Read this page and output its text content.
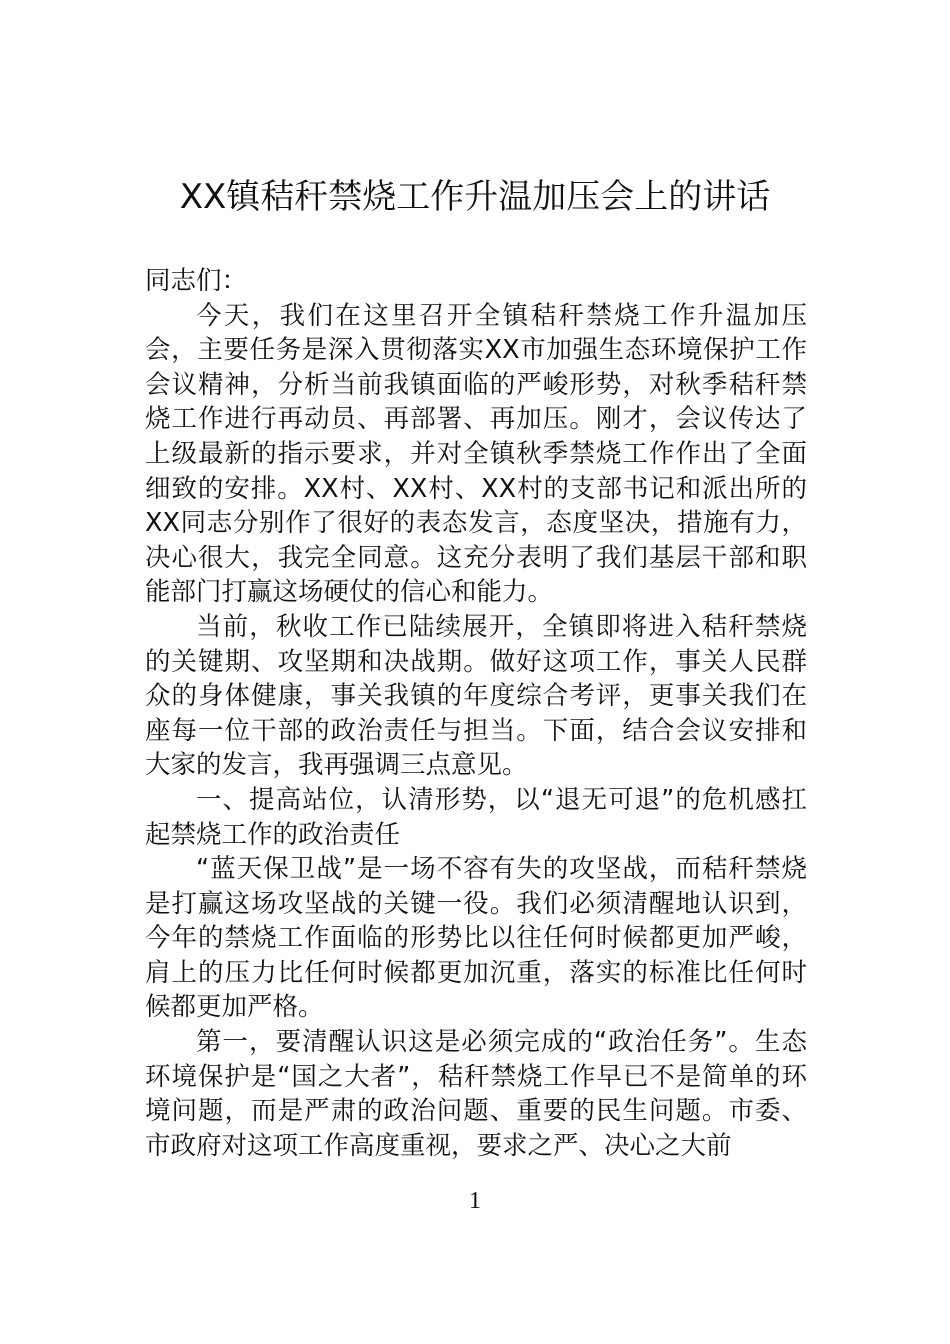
XX镇秸秆禁烧工作升温加压会上的讲话

同志们：

今天，我们在这里召开全镇秸秆禁烧工作升温加压会，主要任务是深入贯彻落实XX市加强生态环境保护工作会议精神，分析当前我镇面临的严峻形势，对秋季秸秆禁烧工作进行再动员、再部署、再加压。刚才，会议传达了上级最新的指示要求，并对全镇秋季禁烧工作作出了全面细致的安排。XX村、XX村、XX村的支部书记和派出所的XX同志分别作了很好的表态发言，态度坚决，措施有力，决心很大，我完全同意。这充分表明了我们基层干部和职能部门打赢这场硬仗的信心和能力。

当前，秋收工作已陆续展开，全镇即将进入秸秆禁烧的关键期、攻坚期和决战期。做好这项工作，事关人民群众的身体健康，事关我镇的年度综合考评，更事关我们在座每一位干部的政治责任与担当。下面，结合会议安排和大家的发言，我再强调三点意见。

一、提高站位，认清形势，以“退无可退”的危机感扛起禁烧工作的政治责任

“蓝天保卫战”是一场不容有失的攻坚战，而秸秆禁烧是打赢这场攻坚战的关键一役。我们必须清醒地认识到，今年的禁烧工作面临的形势比以往任何时候都更加严峻，肩上的压力比任何时候都更加沉重，落实的标准比任何时候都更加严格。

第一，要清醒认识这是必须完成的“政治任务”。生态环境保护是“国之大者”，秸秆禁烧工作早已不是简单的环境问题，而是严肃的政治问题、重要的民生问题。市委、市政府对这项工作高度重视，要求之严、决心之大前

1
